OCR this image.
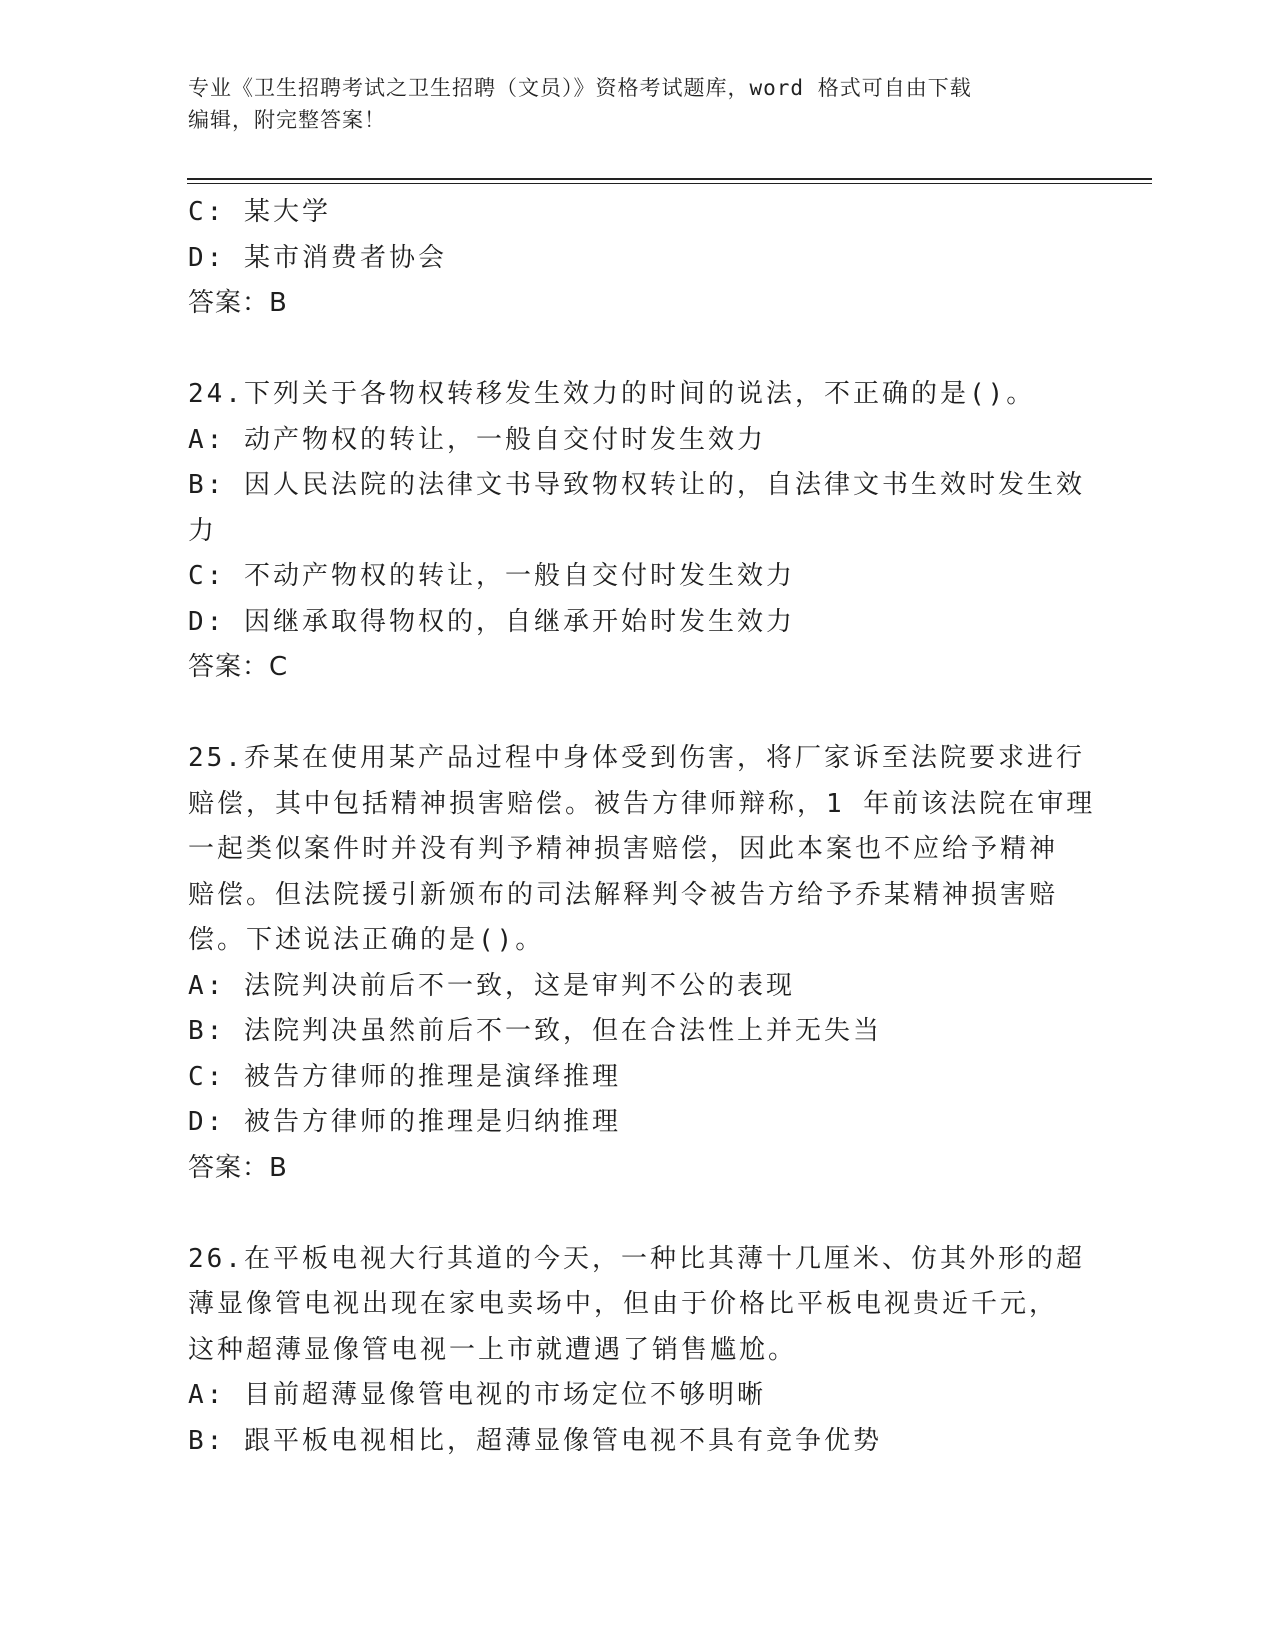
专业《卫生招聘考试之卫生招聘（文员）》资格考试题库，word 格式可自由下载
编辑，附完整答案！
C: 某大学
D: 某市消费者协会
答案：B
24.下列关于各物权转移发生效力的时间的说法，不正确的是()。
A: 动产物权的转让，一般自交付时发生效力
B: 因人民法院的法律文书导致物权转让的，自法律文书生效时发生效
力
C: 不动产物权的转让，一般自交付时发生效力
D: 因继承取得物权的，自继承开始时发生效力
答案：C
25.乔某在使用某产品过程中身体受到伤害，将厂家诉至法院要求进行
赔偿，其中包括精神损害赔偿。被告方律师辩称，1 年前该法院在审理
一起类似案件时并没有判予精神损害赔偿，因此本案也不应给予精神
赔偿。但法院援引新颁布的司法解释判令被告方给予乔某精神损害赔
偿。下述说法正确的是()。
A: 法院判决前后不一致，这是审判不公的表现
B: 法院判决虽然前后不一致，但在合法性上并无失当
C: 被告方律师的推理是演绎推理
D: 被告方律师的推理是归纳推理
答案：B
26.在平板电视大行其道的今天，一种比其薄十几厘米、仿其外形的超
薄显像管电视出现在家电卖场中，但由于价格比平板电视贵近千元，
这种超薄显像管电视一上市就遭遇了销售尴尬。
A: 目前超薄显像管电视的市场定位不够明晰
B: 跟平板电视相比，超薄显像管电视不具有竞争优势
